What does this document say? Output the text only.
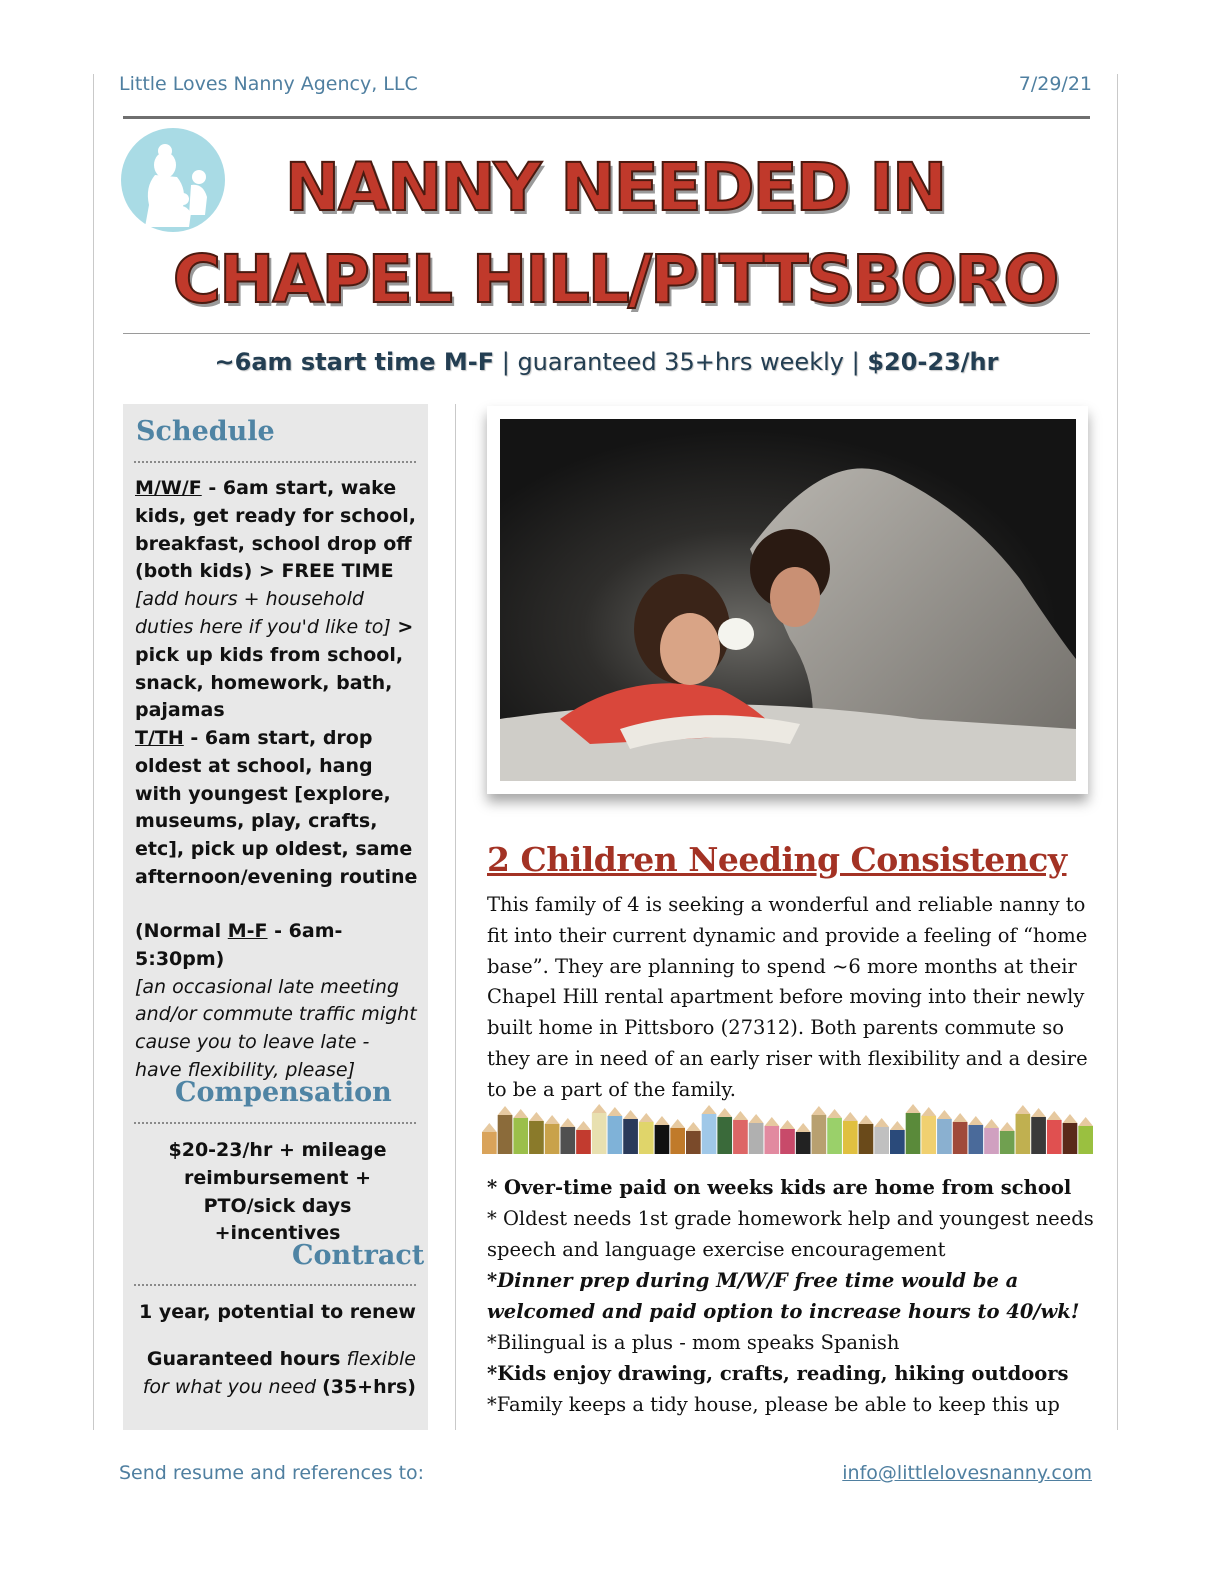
Little Loves Nanny Agency, LLC	7/29/21
NANNY NEEDED IN
CHAPEL HILL/PITTSBORO
~6am start time M-F | guaranteed 35+hrs weekly | $20-23/hr
Schedule
M/W/F - 6am start, wake kids, get ready for school, breakfast, school drop off (both kids) > FREE TIME [add hours + household duties here if you'd like to] > pick up kids from school, snack, homework, bath, pajamas
T/TH - 6am start, drop oldest at school, hang with youngest [explore, museums, play, crafts, etc], pick up oldest, same afternoon/evening routine
(Normal M-F - 6am-5:30pm)
[an occasional late meeting and/or commute traffic might cause you to leave late - have flexibility, please]
Compensation
$20-23/hr + mileage reimbursement + PTO/sick days +incentives
Contract
1 year, potential to renew
Guaranteed hours flexible for what you need (35+hrs)
2 Children Needing Consistency
This family of 4 is seeking a wonderful and reliable nanny to fit into their current dynamic and provide a feeling of “home base”. They are planning to spend ~6 more months at their Chapel Hill rental apartment before moving into their newly built home in Pittsboro (27312). Both parents commute so they are in need of an early riser with flexibility and a desire to be a part of the family.
* Over-time paid on weeks kids are home from school
* Oldest needs 1st grade homework help and youngest needs speech and language exercise encouragement
*Dinner prep during M/W/F free time would be a welcomed and paid option to increase hours to 40/wk!
*Bilingual is a plus - mom speaks Spanish
*Kids enjoy drawing, crafts, reading, hiking outdoors
*Family keeps a tidy house, please be able to keep this up
Send resume and references to:	info@littlelovesnanny.com
